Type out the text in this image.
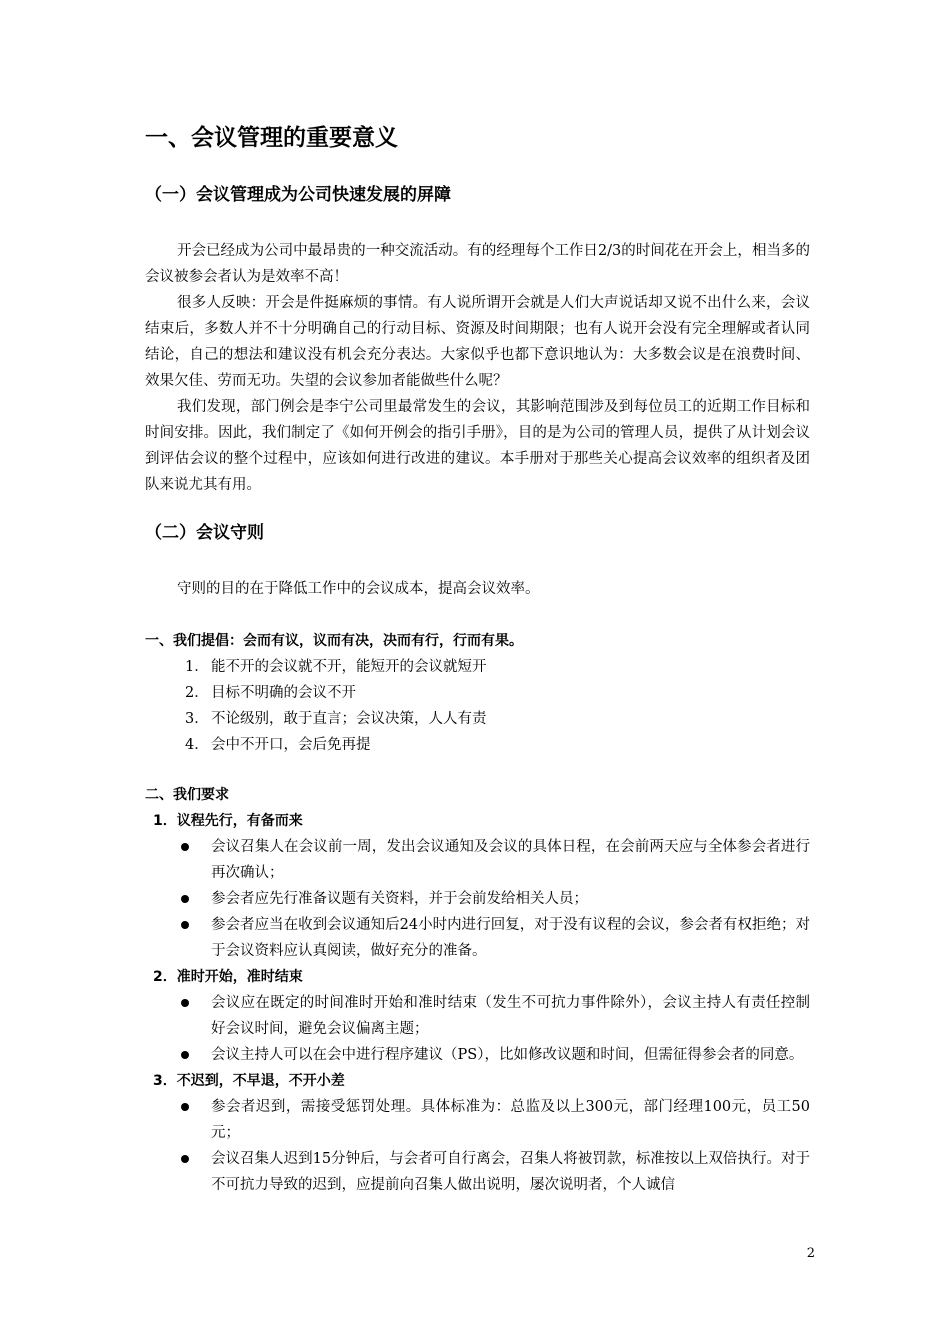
一、会议管理的重要意义
（一）会议管理成为公司快速发展的屏障

开会已经成为公司中最昂贵的一种交流活动。有的经理每个工作日2/3的时间花在开会上，相当多的会议被参会者认为是效率不高！

很多人反映：开会是件挺麻烦的事情。有人说所谓开会就是人们大声说话却又说不出什么来，会议结束后，多数人并不十分明确自己的行动目标、资源及时间期限；也有人说开会没有完全理解或者认同结论，自己的想法和建议没有机会充分表达。大家似乎也都下意识地认为：大多数会议是在浪费时间、效果欠佳、劳而无功。失望的会议参加者能做些什么呢？

我们发现，部门例会是李宁公司里最常发生的会议，其影响范围涉及到每位员工的近期工作目标和时间安排。因此，我们制定了《如何开例会的指引手册》，目的是为公司的管理人员，提供了从计划会议到评估会议的整个过程中，应该如何进行改进的建议。本手册对于那些关心提高会议效率的组织者及团队来说尤其有用。

（二）会议守则

守则的目的在于降低工作中的会议成本，提高会议效率。

一、我们提倡：会而有议，议而有决，决而有行，行而有果。
1． 能不开的会议就不开，能短开的会议就短开
2． 目标不明确的会议不开
3． 不论级别，敢于直言；会议决策，人人有责
4． 会中不开口，会后免再提
二、我们要求
1．议程先行，有备而来
会议召集人在会议前一周，发出会议通知及会议的具体日程，在会前两天应与全体参会者进行再次确认；
参会者应先行准备议题有关资料，并于会前发给相关人员；
参会者应当在收到会议通知后24小时内进行回复，对于没有议程的会议，参会者有权拒绝；对于会议资料应认真阅读，做好充分的准备。
2．准时开始，准时结束
会议应在既定的时间准时开始和准时结束（发生不可抗力事件除外），会议主持人有责任控制好会议时间，避免会议偏离主题；
会议主持人可以在会中进行程序建议（PS），比如修改议题和时间，但需征得参会者的同意。
3．不迟到，不早退，不开小差
参会者迟到，需接受惩罚处理。具体标准为：总监及以上300元，部门经理100元，员工50元；
会议召集人迟到15分钟后，与会者可自行离会，召集人将被罚款，标准按以上双倍执行。对于不可抗力导致的迟到，应提前向召集人做出说明，屡次说明者，个人诚信
2
